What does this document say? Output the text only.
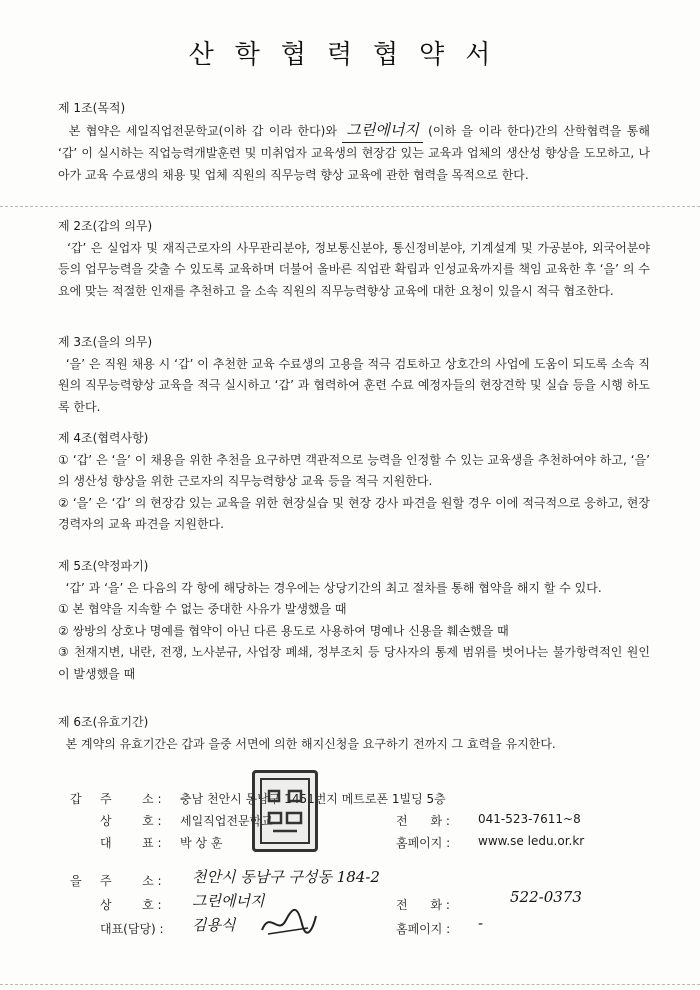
산학협력협약서
제 1조(목적)

본 협약은 세일직업전문학교(이하 갑 이라 한다)와 그린에너지 (이하 을 이라 한다)간의 산학협력을 통해 ‘갑’ 이 실시하는 직업능력개발훈련 및 미취업자 교육생의 현장감 있는 교육과 업체의 생산성 향상을 도모하고, 나아가 교육 수료생의 채용 및 업체 직원의 직무능력 향상 교육에 관한 협력을 목적으로 한다.

제 2조(갑의 의무)

‘갑’ 은 실업자 및 재직근로자의 사무관리분야, 정보통신분야, 통신정비분야, 기계설계 및 가공분야, 외국어분야 등의 업무능력을 갖출 수 있도록 교육하며 더불어 올바른 직업관 확립과 인성교육까지를 책임 교육한 후 ‘을’ 의 수요에 맞는 적절한 인재를 추천하고 을 소속 직원의 직무능력향상 교육에 대한 요청이 있을시 적극 협조한다.

제 3조(을의 의무)

‘을’ 은 직원 채용 시 ‘갑’ 이 추천한 교육 수료생의 고용을 적극 검토하고 상호간의 사업에 도움이 되도록 소속 직원의 직무능력향상 교육을 적극 실시하고 ‘갑’ 과 협력하여 훈련 수료 예정자들의 현장견학 및 실습 등을 시행 하도록 한다.

제 4조(협력사항)

① ‘갑’ 은 ‘을’ 이 채용을 위한 추천을 요구하면 객관적으로 능력을 인정할 수 있는 교육생을 추천하여야 하고, ‘을’ 의 생산성 향상을 위한 근로자의 직무능력향상 교육 등을 적극 지원한다.

② ‘을’ 은 ‘갑’ 의 현장감 있는 교육을 위한 현장실습 및 현장 강사 파견을 원할 경우 이에 적극적으로 응하고, 현장경력자의 교육 파견을 지원한다.

제 5조(약정파기)

‘갑’ 과 ‘을’ 은 다음의 각 항에 해당하는 경우에는 상당기간의 최고 절차를 통해 협약을 해지 할 수 있다.

① 본 협약을 지속할 수 없는 중대한 사유가 발생했을 때

② 쌍방의 상호나 명예를 협약이 아닌 다른 용도로 사용하여 명예나 신용을 훼손했을 때

③ 천재지변, 내란, 전쟁, 노사분규, 사업장 폐쇄, 정부조치 등 당사자의 통제 범위를 벗어나는 불가항력적인 원인이 발생했을 때

제 6조(유효기간)

본 계약의 유효기간은 갑과 을중 서면에 의한 해지신청을 요구하기 전까지 그 효력을 유지한다.

갑 주        소 : 충남 천안시 동남구 1451번지 메트로폰 1빌딩 5층
상        호 : 세일직업전문학교
대        표 : 박 상 훈
전      화 : 041-523-7611~8
홈페이지 : www.se ledu.or.kr
을 주        소 : 천안시 동남구 구성동 184-2
상        호 : 그린에너지
대표(담당) : 김용식
전      화 :	522-0373
홈페이지 : -
